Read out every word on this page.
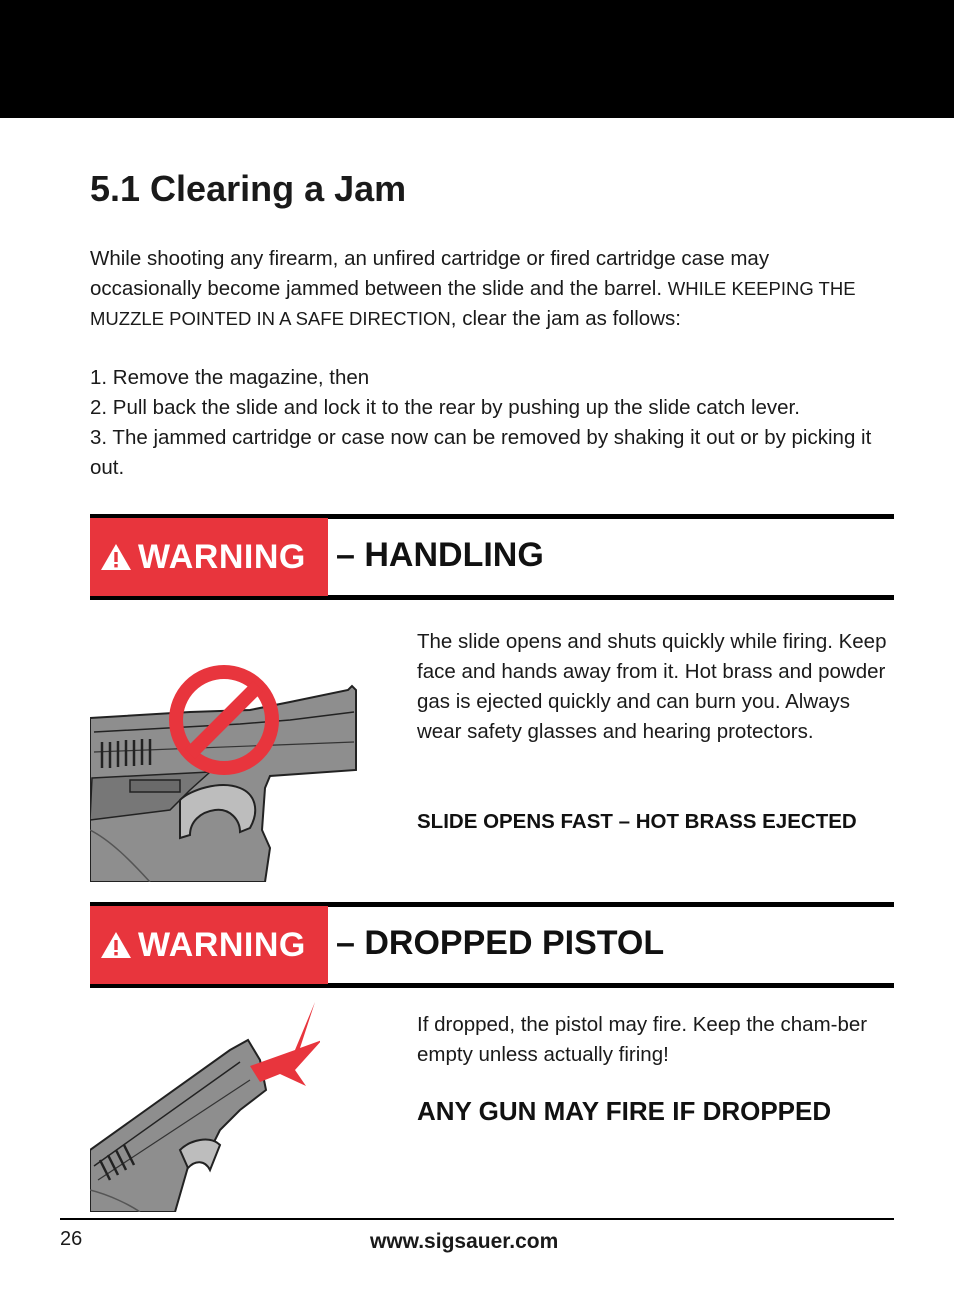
5.1 Clearing a Jam

While shooting any firearm, an unfired cartridge or fired cartridge case may occasionally become jammed between the slide and the barrel. WHILE KEEPING THE MUZZLE POINTED IN A SAFE DIRECTION, clear the jam as follows:

1. Remove the magazine, then
2. Pull back the slide and lock it to the rear by pushing up the slide catch lever.
3. The jammed cartridge or case now can be removed by shaking it out or by picking it out.
WARNING – HANDLING

The slide opens and shuts quickly while firing. Keep face and hands away from it. Hot brass and powder gas is ejected quickly and can burn you. Always wear safety glasses and hearing protectors.

SLIDE OPENS FAST – HOT BRASS EJECTED

WARNING – DROPPED PISTOL

If dropped, the pistol may fire. Keep the cham-ber empty unless actually firing!

ANY GUN MAY FIRE IF DROPPED

26	www.sigsauer.com
